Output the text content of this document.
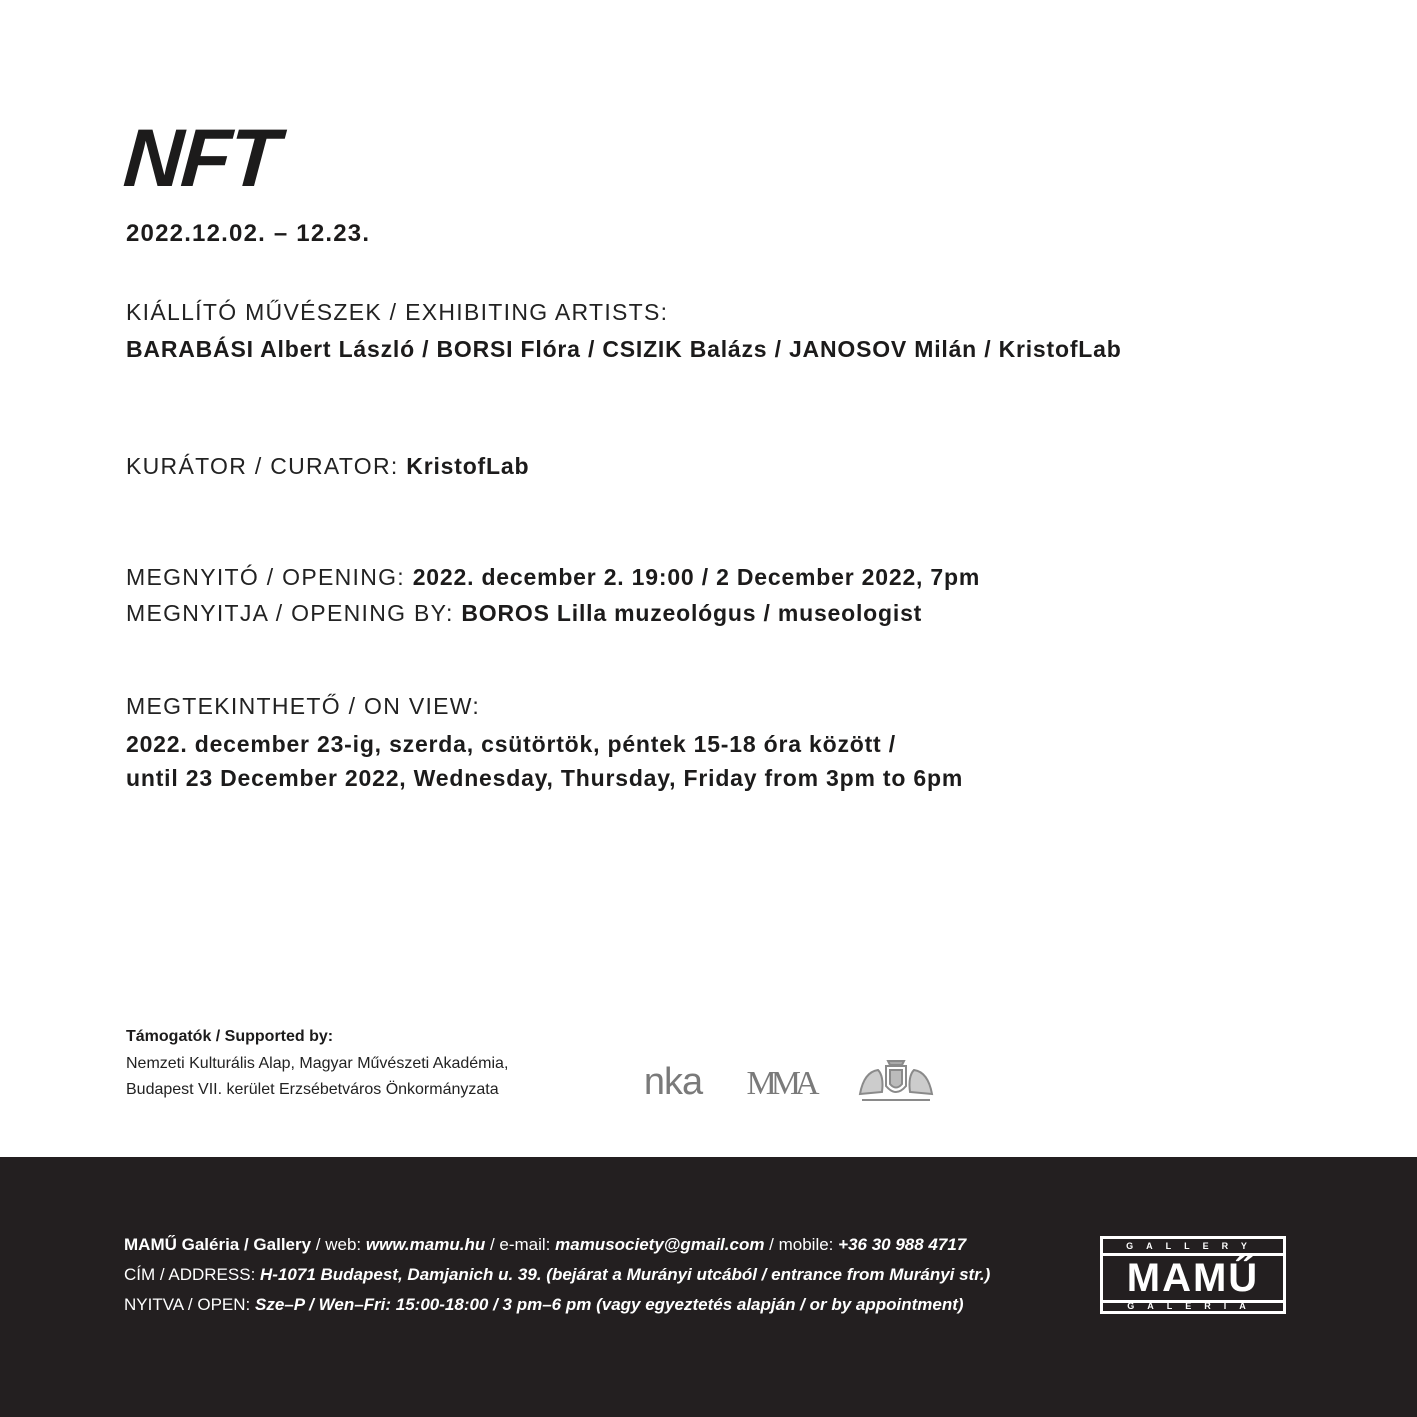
NFT
2022.12.02. – 12.23.
KIÁLLÍTÓ MŰVÉSZEK / EXHIBITING ARTISTS:
BARABÁSI Albert László / BORSI Flóra / CSIZIK Balázs / JANOSOV Milán / KristofLab
KURÁTOR / CURATOR: KristofLab
MEGNYITÓ / OPENING: 2022. december 2. 19:00 / 2 December 2022, 7pm
MEGNYITJA / OPENING BY: BOROS Lilla muzeológus / museologist
MEGTEKINTHETŐ / ON VIEW:
2022. december 23-ig, szerda, csütörtök, péntek 15-18 óra között /
until 23 December 2022, Wednesday, Thursday, Friday from 3pm to 6pm
Támogatók / Supported by:
Nemzeti Kulturális Alap, Magyar Művészeti Akadémia,
Budapest VII. kerület Erzsébetváros Önkormányzata	nka MMA
MAMŰ Galéria / Gallery / web: www.mamu.hu / e-mail: mamusociety@gmail.com / mobile: +36 30 988 4717
CÍM / ADDRESS: H-1071 Budapest, Damjanich u. 39. (bejárat a Murányi utcából / entrance from Murányi str.)
NYITVA / OPEN: Sze–P / Wen–Fri: 15:00-18:00 / 3 pm–6 pm (vagy egyeztetés alapján / or by appointment)
GALLERY
MAMŰ
GALÉRIA
